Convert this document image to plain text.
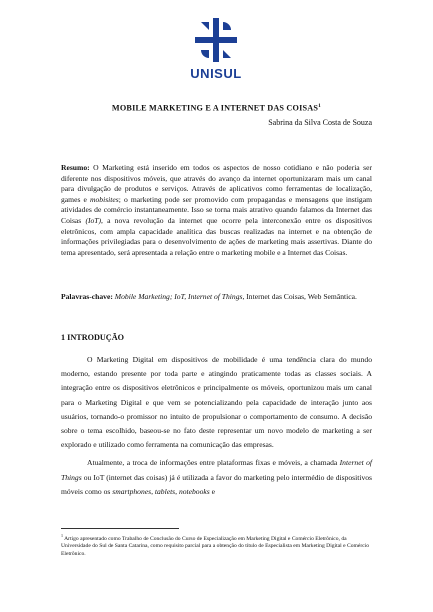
UNISUL
MOBILE MARKETING E A INTERNET DAS COISAS$^1$
Sabrina da Silva Costa de Souza
Resumo: O Marketing está inserido em todos os aspectos de nosso cotidiano e não poderia ser diferente nos dispositivos móveis, que através do avanço da internet oportunizaram mais um canal para divulgação de produtos e serviços. Através de aplicativos como ferramentas de localização, games e mobisites; o marketing pode ser promovido com propagandas e mensagens que instigam atividades de comércio instantaneamente. Isso se torna mais atrativo quando falamos da Internet das Coisas (IoT), a nova revolução da internet que ocorre pela interconexão entre os dispositivos eletrônicos, com ampla capacidade analítica das buscas realizadas na internet e na obtenção de informações privilegiadas para o desenvolvimento de ações de marketing mais assertivas. Diante do tema apresentado, será apresentada a relação entre o marketing mobile e a Internet das Coisas.
Palavras-chave: Mobile Marketing; IoT, Internet of Things, Internet das Coisas, Web Semântica.
1 INTRODUÇÃO

O Marketing Digital em dispositivos de mobilidade é uma tendência clara do mundo moderno, estando presente por toda parte e atingindo praticamente todas as classes sociais. A integração entre os dispositivos eletrônicos e principalmente os móveis, oportunizou mais um canal para o Marketing Digital e que vem se potencializando pela capacidade de interação junto aos usuários, tornando-o promissor no intuito de propulsionar o comportamento de consumo. A decisão sobre o tema escolhido, baseou-se no fato deste representar um novo modelo de marketing a ser explorado e utilizado como ferramenta na comunicação das empresas.

Atualmente, a troca de informações entre plataformas fixas e móveis, a chamada Internet of Things ou IoT (internet das coisas) já é utilizada a favor do marketing pelo intermédio de dispositivos móveis como os smartphones, tablets, notebooks e

$^1$ Artigo apresentado como Trabalho de Conclusão do Curso de Especialização em Marketing Digital e Comércio Eletrônico, da Universidade do Sul de Santa Catarina, como requisito parcial para a obtenção do título de Especialista em Marketing Digital e Comércio Eletrônico.
